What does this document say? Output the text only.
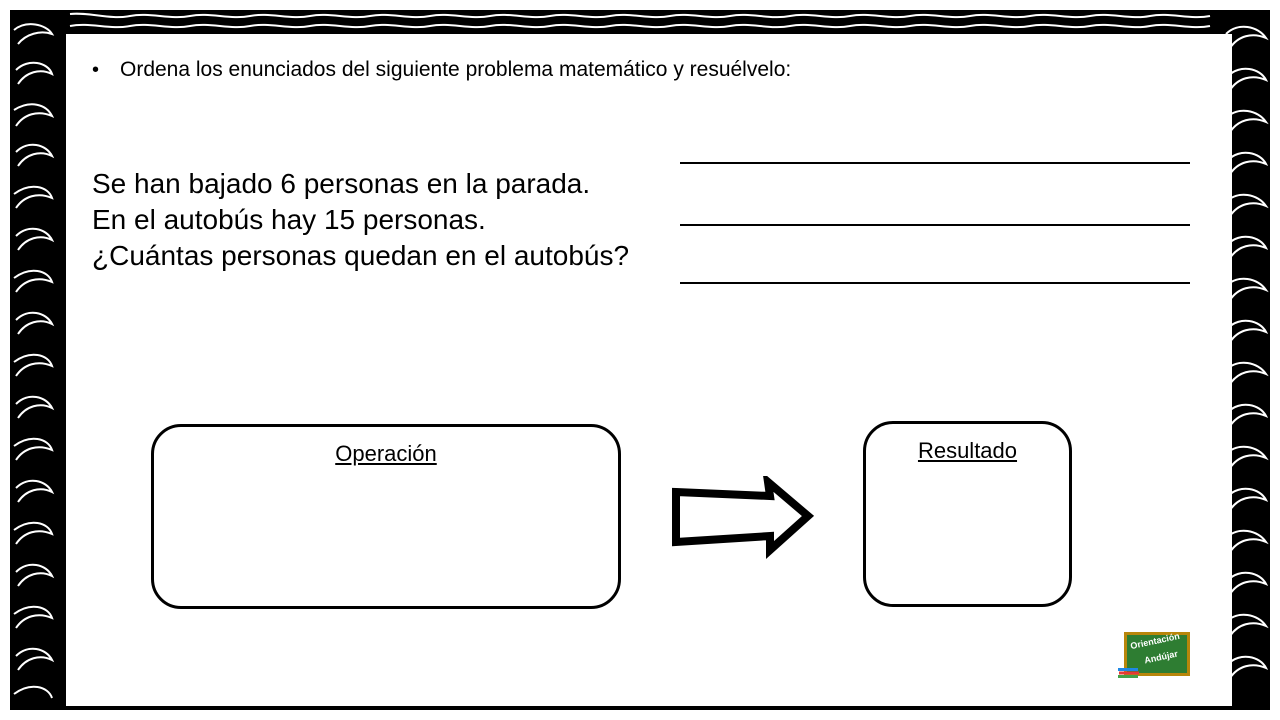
• Ordena los enunciados del siguiente problema matemático y resuélvelo:
Se han bajado 6 personas en la parada.
En el autobús hay 15 personas.
¿Cuántas personas quedan en el autobús?
Operación	Resultado
Orientación
Andújar
